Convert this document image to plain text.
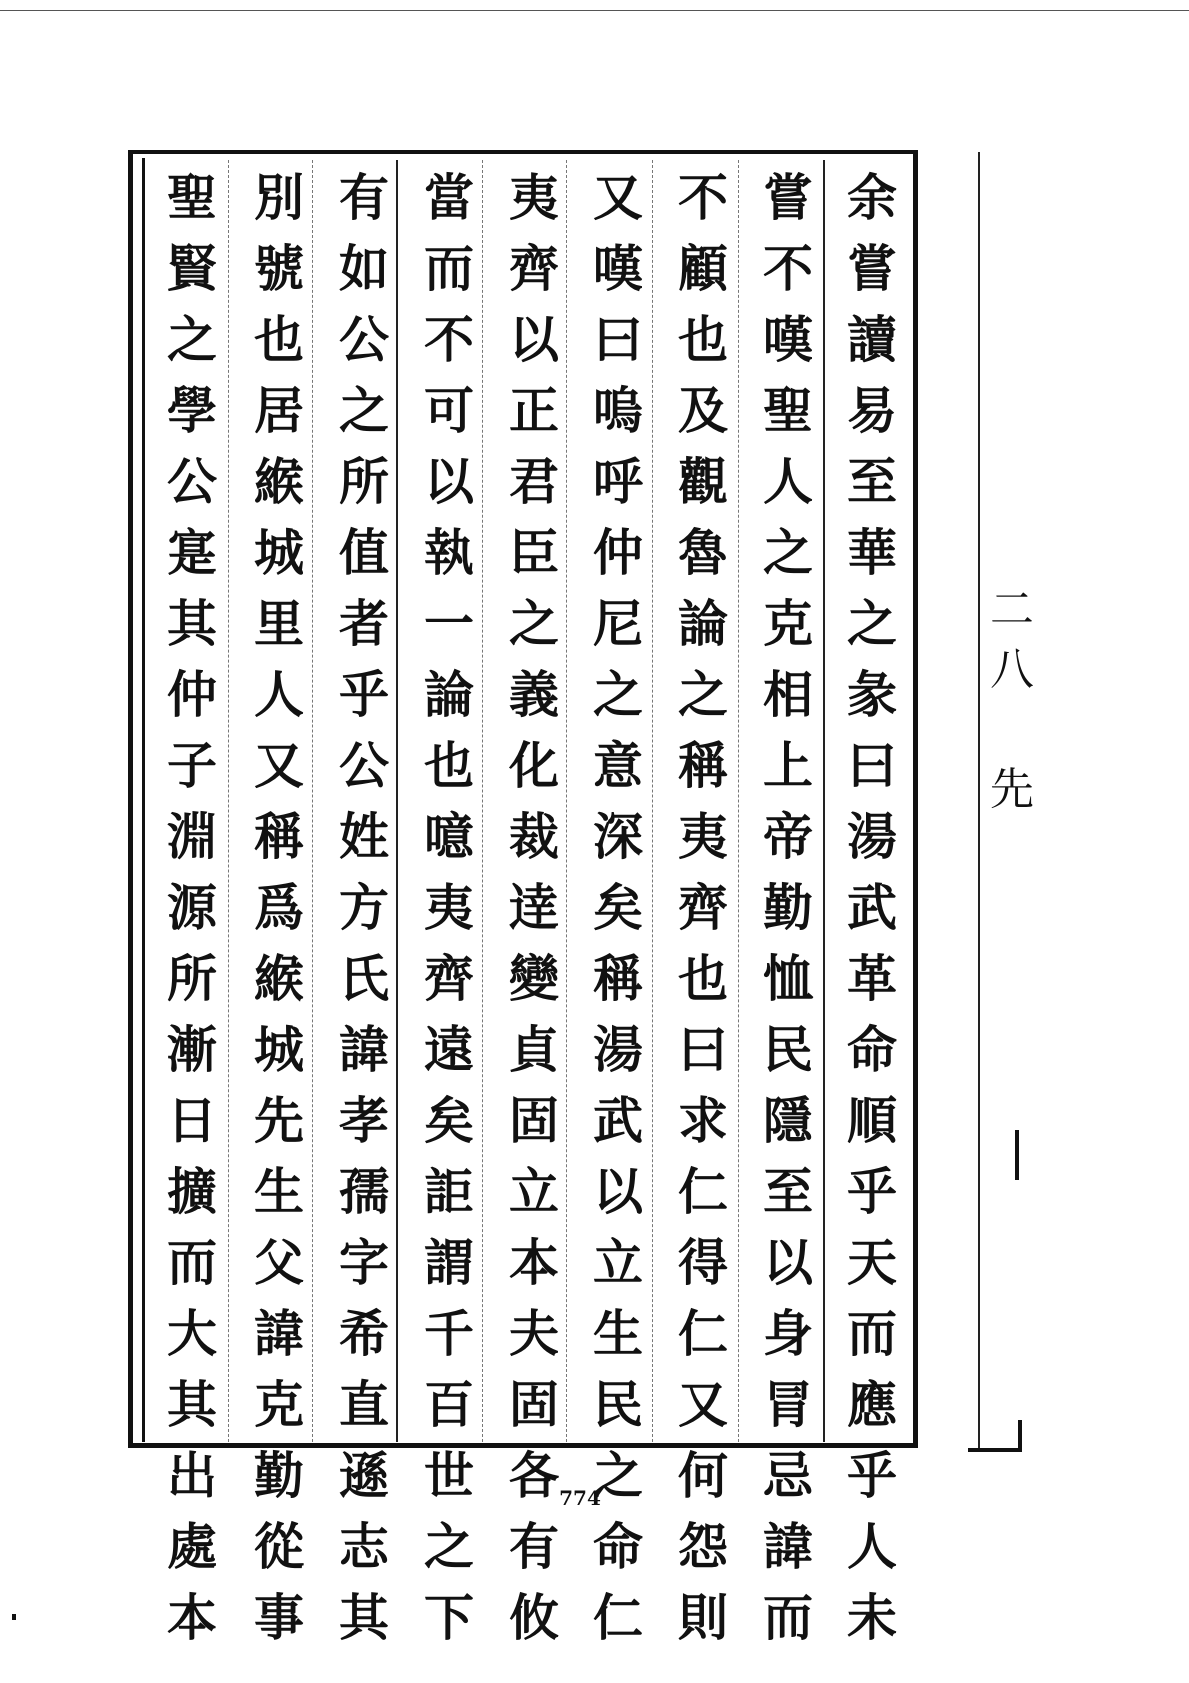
余
嘗
讀
易
至
華
之
彖
曰
湯
武
革
命
順
乎
天
而
應
乎
人
未
嘗
不
嘆
聖
人
之
克
相
上
帝
勤
恤
民
隱
至
以
身
冐
忌
諱
而
不
顧
也
及
觀
魯
論
之
稱
夷
齊
也
曰
求
仁
得
仁
又
何
怨
則
又
嘆
曰
嗚
呼
仲
尼
之
意
深
矣
稱
湯
武
以
立
生
民
之
命
仁
夷
齊
以
正
君
臣
之
義
化
裁
逹
變
貞
固
立
本
夫
固
各
有
攸
當
而
不
可
以
執
一
論
也
噫
夷
齊
遠
矣
詎
謂
千
百
世
之
下
有
如
公
之
所
值
者
乎
公
姓
方
氏
諱
孝
孺
字
希
直
遜
志
其
別
號
也
居
緱
城
里
人
又
稱
爲
緱
城
先
生
父
諱
克
勤
從
事
聖
賢
之
學
公
寔
其
仲
子
淵
源
所
漸
日
擴
而
大
其
出
處
本
二
八

先
774
